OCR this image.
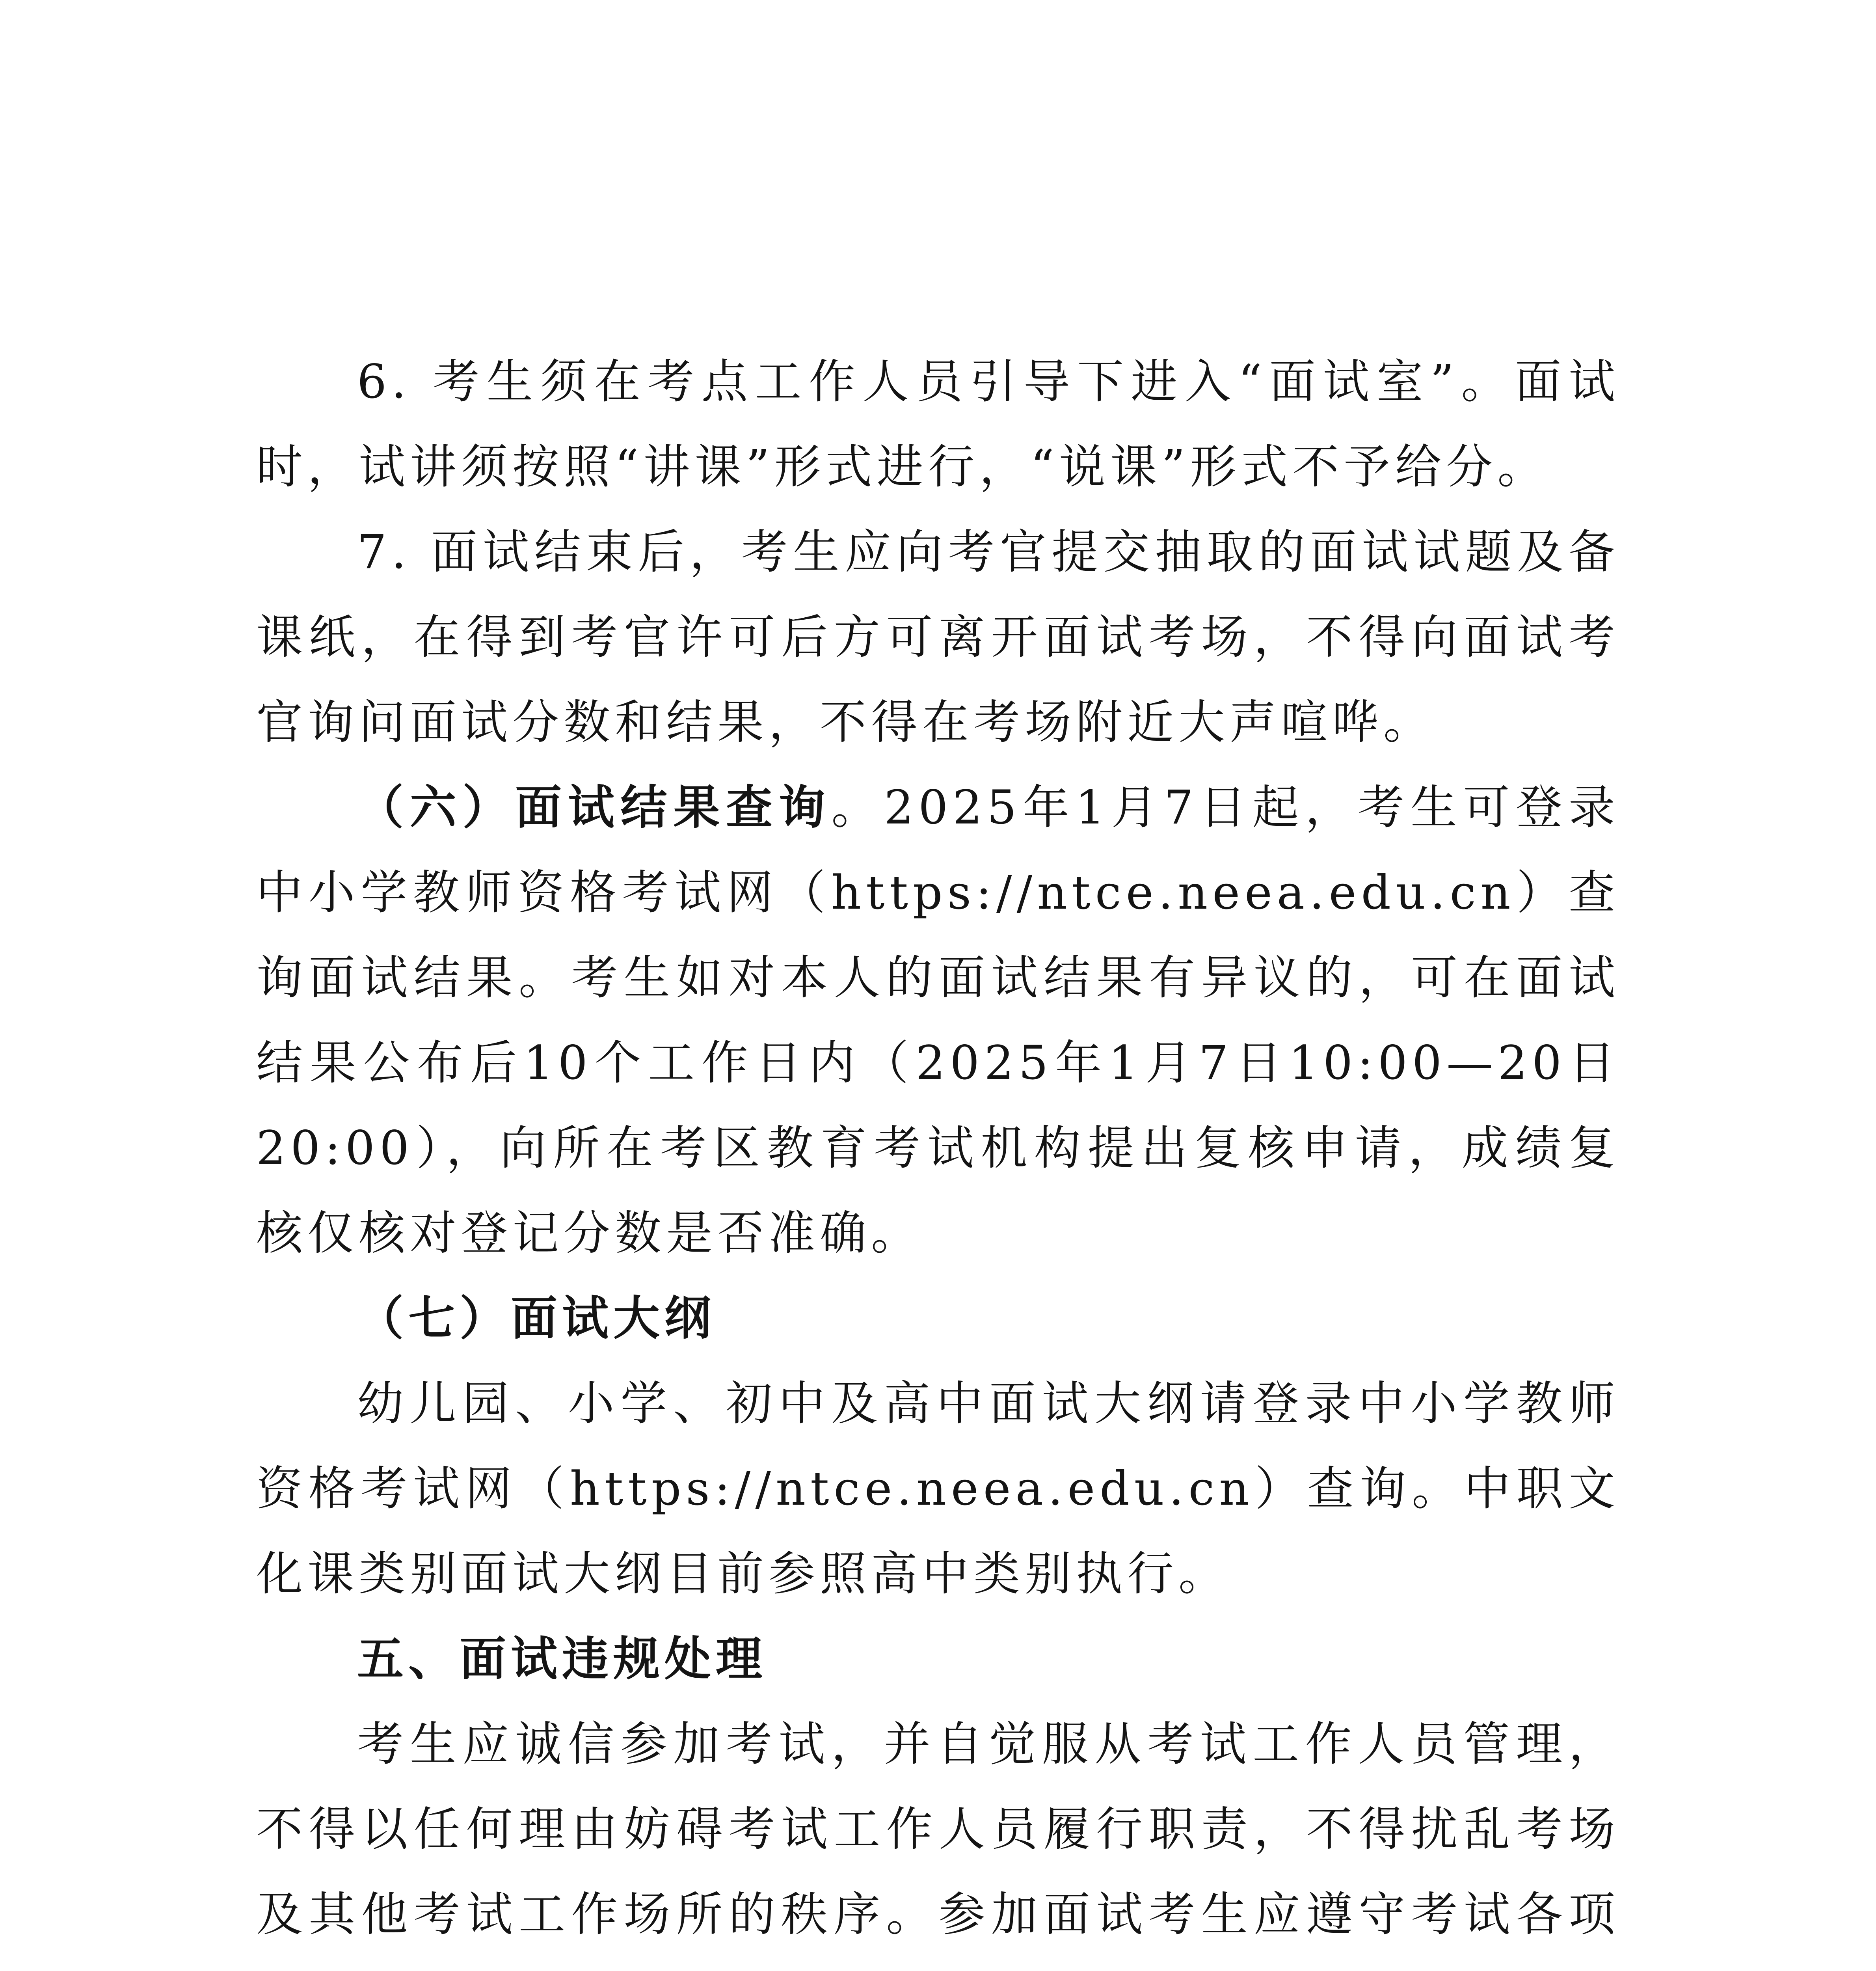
6. 考生须在考点工作人员引导下进入“面试室”。面试时，试讲须按照“讲课”形式进行，“说课”形式不予给分。

7. 面试结束后，考生应向考官提交抽取的面试试题及备课纸，在得到考官许可后方可离开面试考场，不得向面试考官询问面试分数和结果，不得在考场附近大声喧哗。

（六）面试结果查询。2025年1月7日起，考生可登录中小学教师资格考试网（https://ntce.neea.edu.cn）查询面试结果。考生如对本人的面试结果有异议的，可在面试结果公布后10个工作日内（2025年1月7日10:00—20日20:00），向所在考区教育考试机构提出复核申请，成绩复核仅核对登记分数是否准确。

（七）面试大纲

幼儿园、小学、初中及高中面试大纲请登录中小学教师资格考试网（https://ntce.neea.edu.cn）查询。中职文化课类别面试大纲目前参照高中类别执行。

五、面试违规处理

考生应诚信参加考试，并自觉服从考试工作人员管理，不得以任何理由妨碍考试工作人员履行职责，不得扰乱考场及其他考试工作场所的秩序。参加面试考生应遵守考试各项
